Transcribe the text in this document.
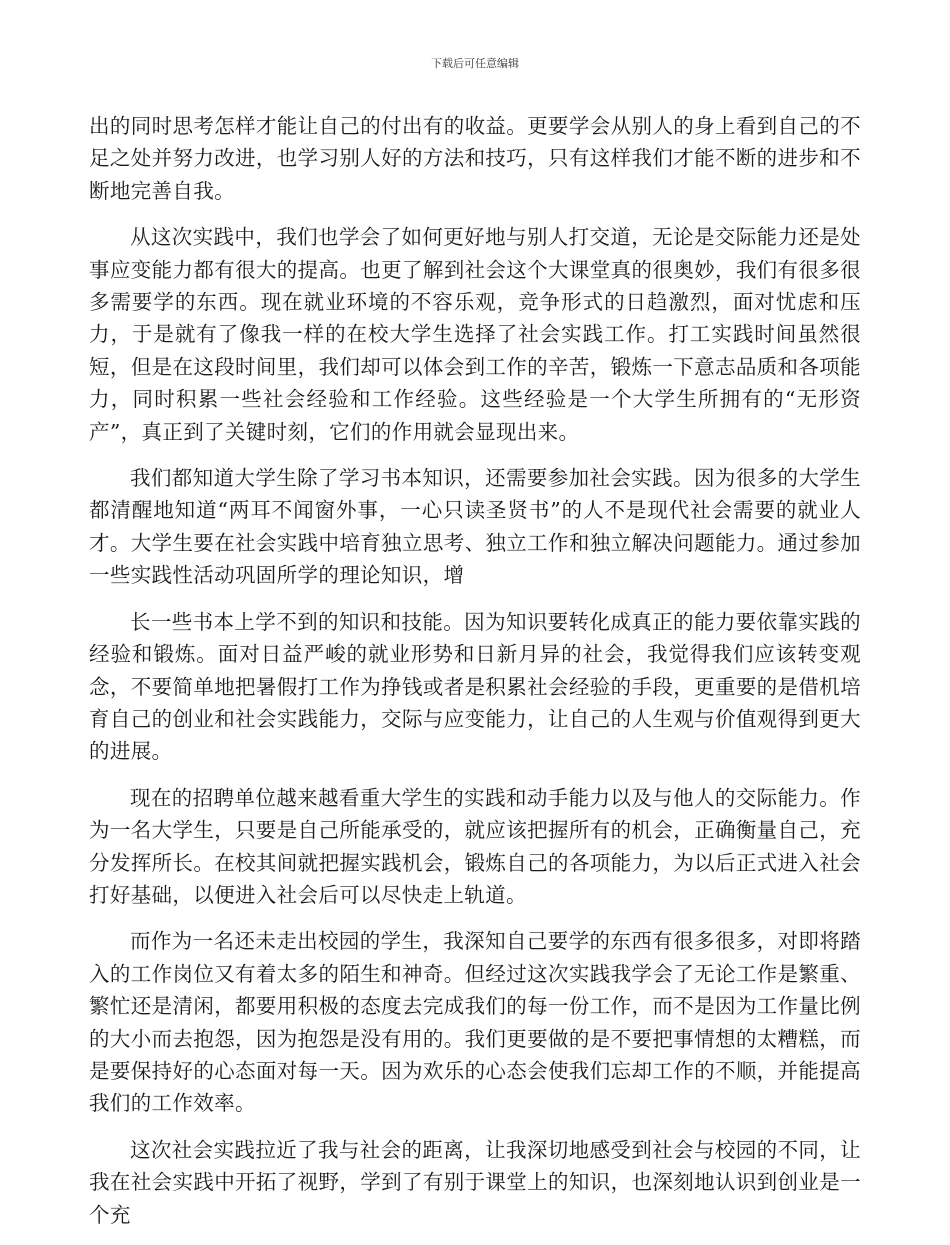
下载后可任意编辑

出的同时思考怎样才能让自己的付出有的收益。更要学会从别人的身上看到自己的不足之处并努力改进，也学习别人好的方法和技巧，只有这样我们才能不断的进步和不断地完善自我。

从这次实践中，我们也学会了如何更好地与别人打交道，无论是交际能力还是处事应变能力都有很大的提高。也更了解到社会这个大课堂真的很奥妙，我们有很多很多需要学的东西。现在就业环境的不容乐观，竞争形式的日趋激烈，面对忧虑和压力，于是就有了像我一样的在校大学生选择了社会实践工作。打工实践时间虽然很短，但是在这段时间里，我们却可以体会到工作的辛苦，锻炼一下意志品质和各项能力，同时积累一些社会经验和工作经验。这些经验是一个大学生所拥有的“无形资产”，真正到了关键时刻，它们的作用就会显现出来。

我们都知道大学生除了学习书本知识，还需要参加社会实践。因为很多的大学生都清醒地知道“两耳不闻窗外事，一心只读圣贤书”的人不是现代社会需要的就业人才。大学生要在社会实践中培育独立思考、独立工作和独立解决问题能力。通过参加一些实践性活动巩固所学的理论知识，增

长一些书本上学不到的知识和技能。因为知识要转化成真正的能力要依靠实践的经验和锻炼。面对日益严峻的就业形势和日新月异的社会，我觉得我们应该转变观念，不要简单地把暑假打工作为挣钱或者是积累社会经验的手段，更重要的是借机培育自己的创业和社会实践能力，交际与应变能力，让自己的人生观与价值观得到更大的进展。

现在的招聘单位越来越看重大学生的实践和动手能力以及与他人的交际能力。作为一名大学生，只要是自己所能承受的，就应该把握所有的机会，正确衡量自己，充分发挥所长。在校其间就把握实践机会，锻炼自己的各项能力，为以后正式进入社会打好基础，以便进入社会后可以尽快走上轨道。

而作为一名还未走出校园的学生，我深知自己要学的东西有很多很多，对即将踏入的工作岗位又有着太多的陌生和神奇。但经过这次实践我学会了无论工作是繁重、繁忙还是清闲，都要用积极的态度去完成我们的每一份工作，而不是因为工作量比例的大小而去抱怨，因为抱怨是没有用的。我们更要做的是不要把事情想的太糟糕，而是要保持好的心态面对每一天。因为欢乐的心态会使我们忘却工作的不顺，并能提高我们的工作效率。

这次社会实践拉近了我与社会的距离，让我深切地感受到社会与校园的不同，让我在社会实践中开拓了视野，学到了有别于课堂上的知识，也深刻地认识到创业是一个充
